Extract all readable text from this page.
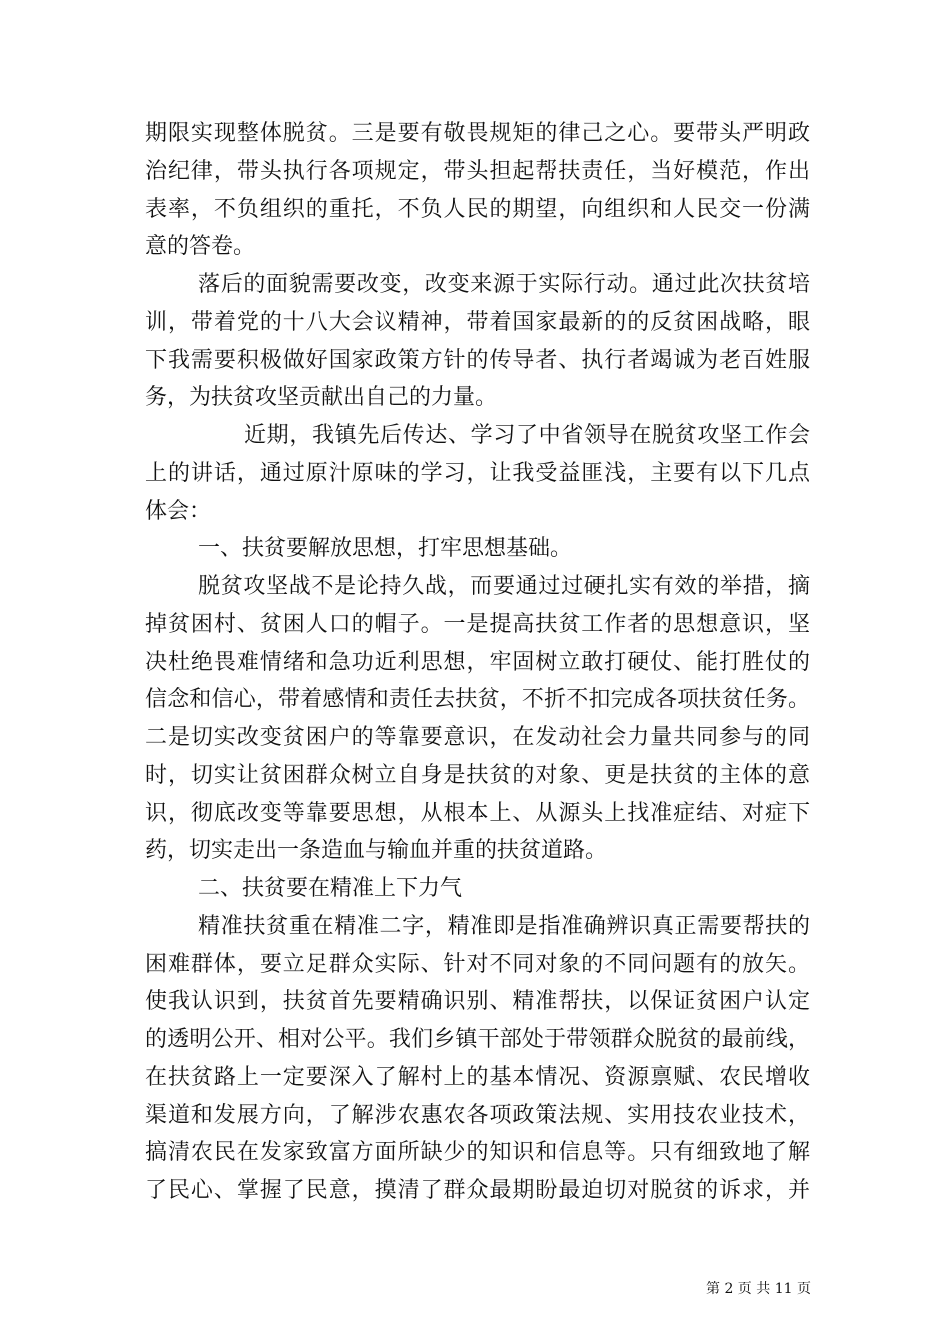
期限实现整体脱贫。三是要有敬畏规矩的律己之心。要带头严明政
治纪律，带头执行各项规定，带头担起帮扶责任，当好模范，作出
表率，不负组织的重托，不负人民的期望，向组织和人民交一份满
意的答卷。
落后的面貌需要改变，改变来源于实际行动。通过此次扶贫培
训，带着党的十八大会议精神，带着国家最新的的反贫困战略，眼
下我需要积极做好国家政策方针的传导者、执行者竭诚为老百姓服
务，为扶贫攻坚贡献出自己的力量。
近期，我镇先后传达、学习了中省领导在脱贫攻坚工作会
上的讲话，通过原汁原味的学习，让我受益匪浅，主要有以下几点
体会：
一、扶贫要解放思想，打牢思想基础。
脱贫攻坚战不是论持久战，而要通过过硬扎实有效的举措，摘
掉贫困村、贫困人口的帽子。一是提高扶贫工作者的思想意识，坚
决杜绝畏难情绪和急功近利思想，牢固树立敢打硬仗、能打胜仗的
信念和信心，带着感情和责任去扶贫，不折不扣完成各项扶贫任务。
二是切实改变贫困户的等靠要意识，在发动社会力量共同参与的同
时，切实让贫困群众树立自身是扶贫的对象、更是扶贫的主体的意
识，彻底改变等靠要思想，从根本上、从源头上找准症结、对症下
药，切实走出一条造血与输血并重的扶贫道路。
二、扶贫要在精准上下力气
精准扶贫重在精准二字，精准即是指准确辨识真正需要帮扶的
困难群体，要立足群众实际、针对不同对象的不同问题有的放矢。
使我认识到，扶贫首先要精确识别、精准帮扶，以保证贫困户认定
的透明公开、相对公平。我们乡镇干部处于带领群众脱贫的最前线，
在扶贫路上一定要深入了解村上的基本情况、资源禀赋、农民增收
渠道和发展方向，了解涉农惠农各项政策法规、实用技农业技术，
搞清农民在发家致富方面所缺少的知识和信息等。只有细致地了解
了民心、掌握了民意，摸清了群众最期盼最迫切对脱贫的诉求，并
第 2 页 共 11 页
